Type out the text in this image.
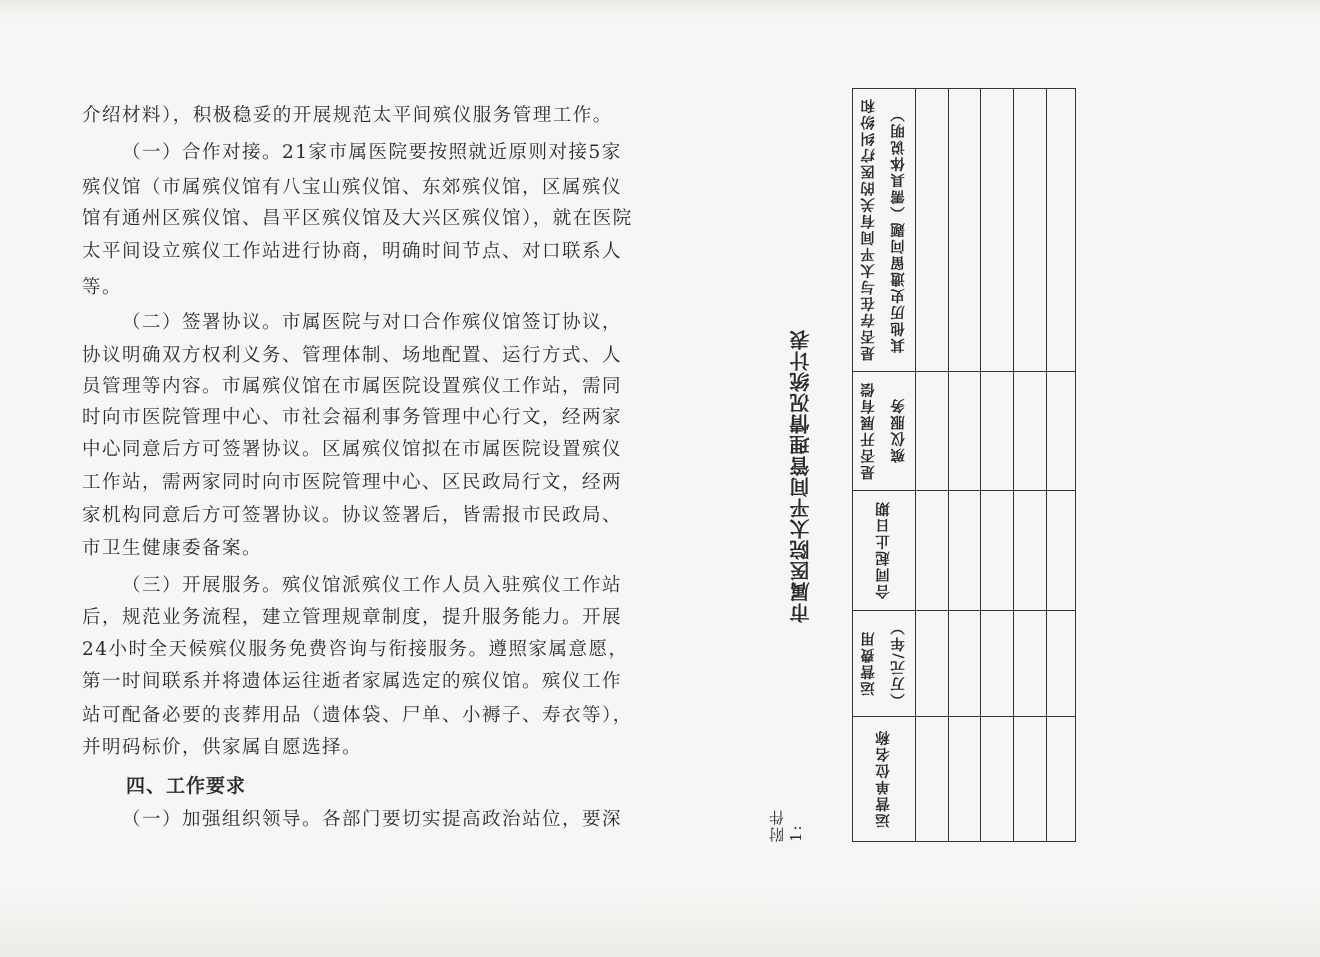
介绍材料），积极稳妥的开展规范太平间殡仪服务管理工作。
（一）合作对接。21家市属医院要按照就近原则对接5家
殡仪馆（市属殡仪馆有八宝山殡仪馆、东郊殡仪馆，区属殡仪
馆有通州区殡仪馆、昌平区殡仪馆及大兴区殡仪馆），就在医院
太平间设立殡仪工作站进行协商，明确时间节点、对口联系人
等。
（二）签署协议。市属医院与对口合作殡仪馆签订协议，
协议明确双方权利义务、管理体制、场地配置、运行方式、人
员管理等内容。市属殡仪馆在市属医院设置殡仪工作站，需同
时向市医院管理中心、市社会福利事务管理中心行文，经两家
中心同意后方可签署协议。区属殡仪馆拟在市属医院设置殡仪
工作站，需两家同时向市医院管理中心、区民政局行文，经两
家机构同意后方可签署协议。协议签署后，皆需报市民政局、
市卫生健康委备案。
（三）开展服务。殡仪馆派殡仪工作人员入驻殡仪工作站
后，规范业务流程，建立管理规章制度，提升服务能力。开展
24小时全天候殡仪服务免费咨询与衔接服务。遵照家属意愿，
第一时间联系并将遗体运往逝者家属选定的殡仪馆。殡仪工作
站可配备必要的丧葬用品（遗体袋、尸单、小褥子、寿衣等），
并明码标价，供家属自愿选择。
四、工作要求
（一）加强组织领导。各部门要切实提高政治站位，要深	附件1:
市属医院太平间管理情况统计表
运营单位名称
运营费用（万元/年）
合同起止日期
是否开展有偿殡仪服务
是否存在与太平间有关的医疗纠纷和其他历史遗留问题（需具体说明）
